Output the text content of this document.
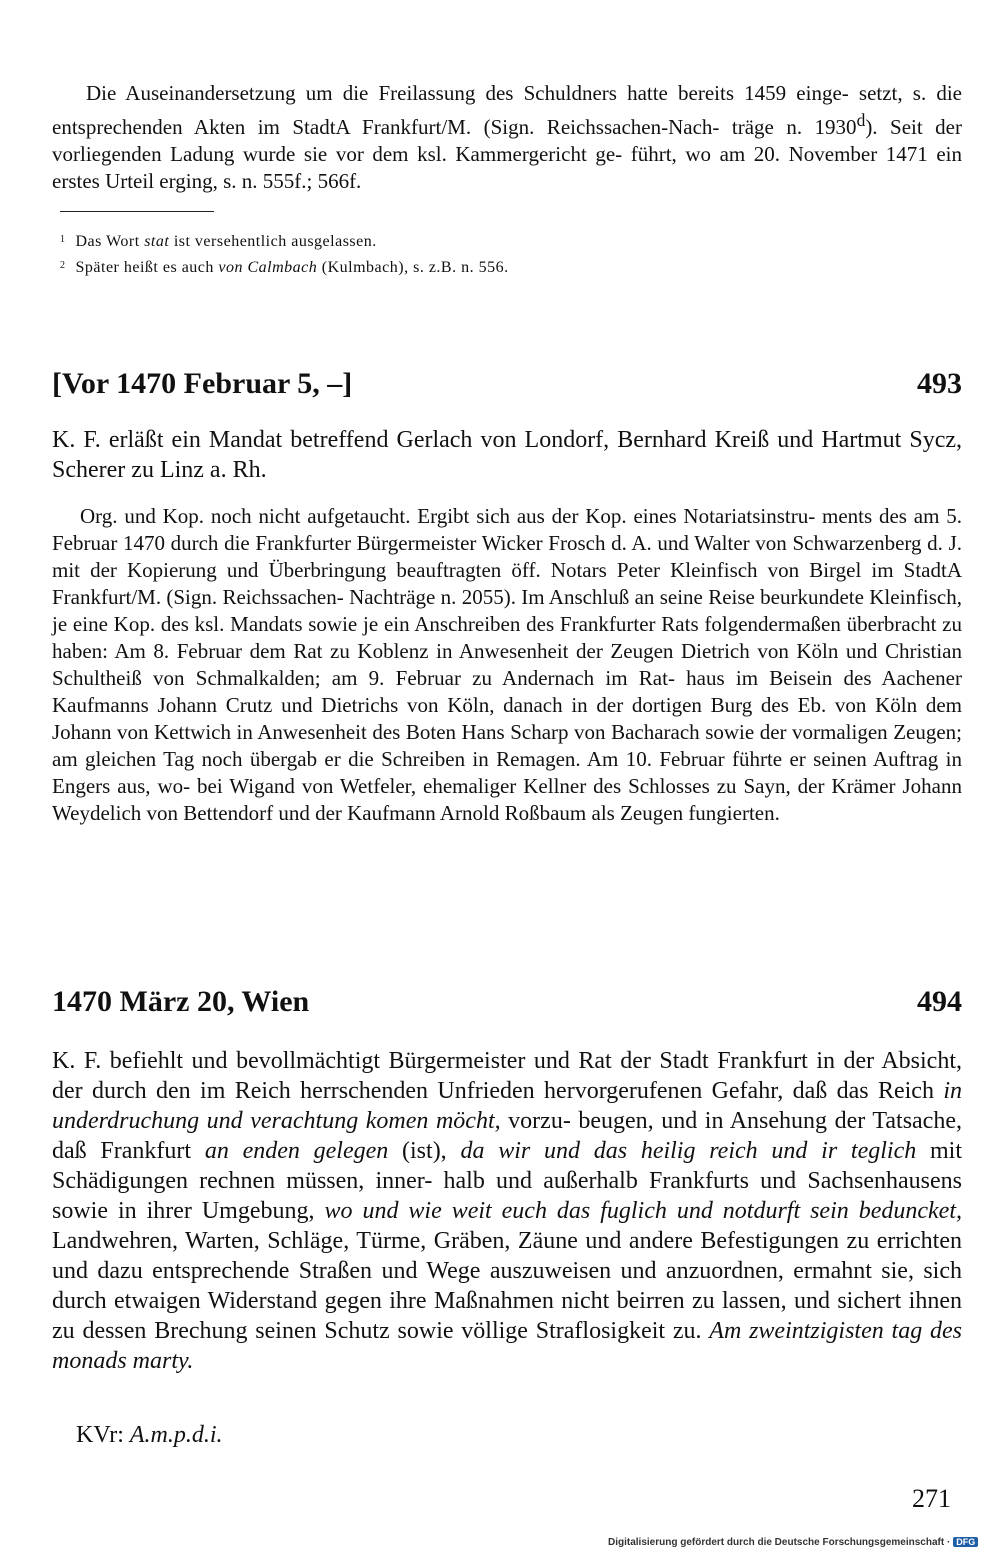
Die Auseinandersetzung um die Freilassung des Schuldners hatte bereits 1459 einge- setzt, s. die entsprechenden Akten im StadtA Frankfurt/M. (Sign. Reichssachen-Nach- träge n. 1930$^d$). Seit der vorliegenden Ladung wurde sie vor dem ksl. Kammergericht ge- führt, wo am 20. November 1471 ein erstes Urteil erging, s. n. 555f.; 566f.
$^1$ Das Wort stat ist versehentlich ausgelassen.
$^2$ Später heißt es auch von Calmbach (Kulmbach), s. z.B. n. 556.
[Vor 1470 Februar 5, –]	493
K. F. erläßt ein Mandat betreffend Gerlach von Londorf, Bernhard Kreiß und Hartmut Sycz, Scherer zu Linz a. Rh.
Org. und Kop. noch nicht aufgetaucht. Ergibt sich aus der Kop. eines Notariatsinstru- ments des am 5. Februar 1470 durch die Frankfurter Bürgermeister Wicker Frosch d. A. und Walter von Schwarzenberg d. J. mit der Kopierung und Überbringung beauftragten öff. Notars Peter Kleinfisch von Birgel im StadtA Frankfurt/M. (Sign. Reichssachen- Nachträge n. 2055). Im Anschluß an seine Reise beurkundete Kleinfisch, je eine Kop. des ksl. Mandats sowie je ein Anschreiben des Frankfurter Rats folgendermaßen überbracht zu haben: Am 8. Februar dem Rat zu Koblenz in Anwesenheit der Zeugen Dietrich von Köln und Christian Schultheiß von Schmalkalden; am 9. Februar zu Andernach im Rat- haus im Beisein des Aachener Kaufmanns Johann Crutz und Dietrichs von Köln, danach in der dortigen Burg des Eb. von Köln dem Johann von Kettwich in Anwesenheit des Boten Hans Scharp von Bacharach sowie der vormaligen Zeugen; am gleichen Tag noch übergab er die Schreiben in Remagen. Am 10. Februar führte er seinen Auftrag in Engers aus, wo- bei Wigand von Wetfeler, ehemaliger Kellner des Schlosses zu Sayn, der Krämer Johann Weydelich von Bettendorf und der Kaufmann Arnold Roßbaum als Zeugen fungierten.
1470 März 20, Wien	494
K. F. befiehlt und bevollmächtigt Bürgermeister und Rat der Stadt Frankfurt in der Absicht, der durch den im Reich herrschenden Unfrieden hervorgerufenen Gefahr, daß das Reich in underdruchung und verachtung komen möcht, vorzu- beugen, und in Ansehung der Tatsache, daß Frankfurt an enden gelegen (ist), da wir und das heilig reich und ir teglich mit Schädigungen rechnen müssen, inner- halb und außerhalb Frankfurts und Sachsenhausens sowie in ihrer Umgebung, wo und wie weit euch das fuglich und notdurft sein beduncket, Landwehren, Warten, Schläge, Türme, Gräben, Zäune und andere Befestigungen zu errichten und dazu entsprechende Straßen und Wege auszuweisen und anzuordnen, ermahnt sie, sich durch etwaigen Widerstand gegen ihre Maßnahmen nicht beirren zu lassen, und sichert ihnen zu dessen Brechung seinen Schutz sowie völlige Straflosigkeit zu. Am zweintzigisten tag des monads marty.
KVr: A.m.p.d.i.
271
Digitalisierung gefördert durch die Deutsche Forschungsgemeinschaft · DFG
